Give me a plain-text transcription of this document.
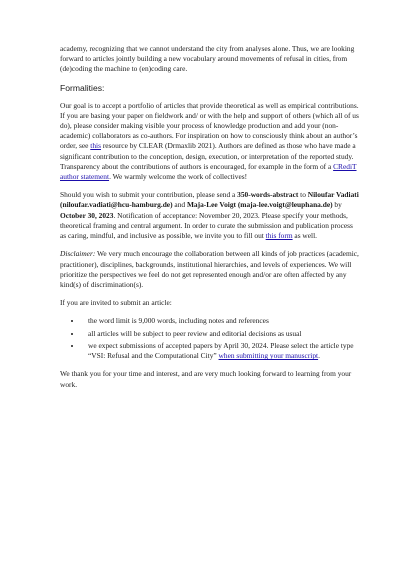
academy, recognizing that we cannot understand the city from analyses alone. Thus, we are looking forward to articles jointly building a new vocabulary around movements of refusal in cities, from (de)coding the machine to (en)coding care.

Formalities:

Our goal is to accept a portfolio of articles that provide theoretical as well as empirical contributions. If you are basing your paper on fieldwork and/ or with the help and support of others (which all of us do), please consider making visible your process of knowledge production and add your (non-academic) collaborators as co-authors. For inspiration on how to consciously think about an author’s order, see this resource by CLEAR (Drmaxlib 2021). Authors are defined as those who have made a significant contribution to the conception, design, execution, or interpretation of the reported study. Transparency about the contributions of authors is encouraged, for example in the form of a CRediT author statement. We warmly welcome the work of collectives!

Should you wish to submit your contribution, please send a 350-words-abstract to Niloufar Vadiati (niloufar.vadiati@hcu-hamburg.de) and Maja-Lee Voigt (maja-lee.voigt@leuphana.de) by October 30, 2023. Notification of acceptance: November 20, 2023. Please specify your methods, theoretical framing and central argument. In order to curate the submission and publication process as caring, mindful, and inclusive as possible, we invite you to fill out this form as well.

Disclaimer: We very much encourage the collaboration between all kinds of job practices (academic, practitioner), disciplines, backgrounds, institutional hierarchies, and levels of experiences. We will prioritize the perspectives we feel do not get represented enough and/or are often affected by any kind(s) of discrimination(s).

If you are invited to submit an article:

• the word limit is 9,000 words, including notes and references
• all articles will be subject to peer review and editorial decisions as usual
• we expect submissions of accepted papers by April 30, 2024. Please select the article type “VSI: Refusal and the Computational City” when submitting your manuscript.

We thank you for your time and interest, and are very much looking forward to learning from your work.
